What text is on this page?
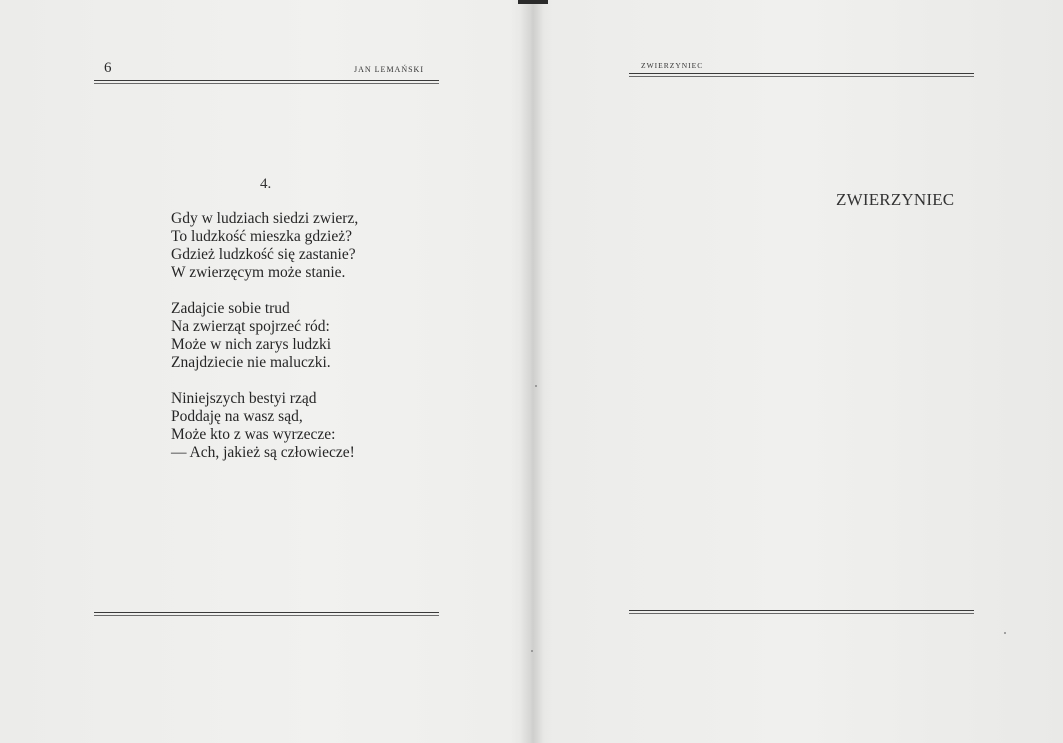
6	JAN LEMAŃSKI
4.
Gdy w ludziach siedzi zwierz,
To ludzkość mieszka gdzież?
Gdzież ludzkość się zastanie?
W zwierzęcym może stanie.
Zadajcie sobie trud
Na zwierząt spojrzeć ród:
Może w nich zarys ludzki
Znajdziecie nie maluczki.
Niniejszych bestyi rząd
Poddaję na wasz sąd,
Może kto z was wyrzecze:
— Ach, jakież są człowiecze!
ZWIERZYNIEC
ZWIERZYNIEC
